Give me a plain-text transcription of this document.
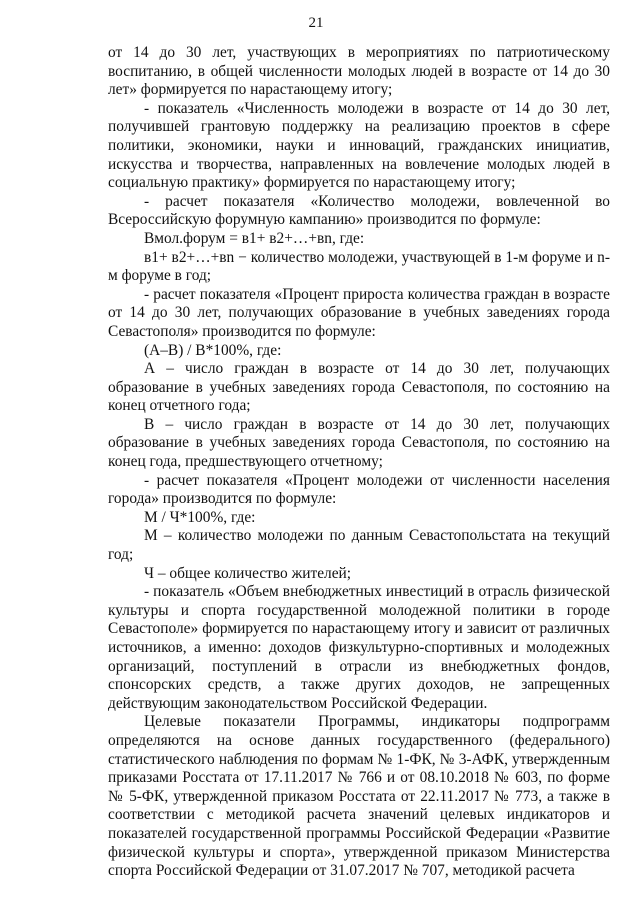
21

от 14 до 30 лет, участвующих в мероприятиях по патриотическому воспитанию, в общей численности молодых людей в возрасте от 14 до 30 лет» формируется по нарастающему итогу;

- показатель «Численность молодежи в возрасте от 14 до 30 лет, получившей грантовую поддержку на реализацию проектов в сфере политики, экономики, науки и инноваций, гражданских инициатив, искусства и творчества, направленных на вовлечение молодых людей в социальную практику» формируется по нарастающему итогу;

- расчет показателя «Количество молодежи, вовлеченной во Всероссийскую форумную кампанию» производится по формуле:

Вмол.форум = в1+ в2+…+вn, где:

в1+ в2+…+вn − количество молодежи, участвующей в 1-м форуме и n-м форуме в год;

- расчет показателя «Процент прироста количества граждан в возрасте от 14 до 30 лет, получающих образование в учебных заведениях города Севастополя» производится по формуле:

(А–В) / В*100%, где:

А – число граждан в возрасте от 14 до 30 лет, получающих образование в учебных заведениях города Севастополя, по состоянию на конец отчетного года;

В – число граждан в возрасте от 14 до 30 лет, получающих образование в учебных заведениях города Севастополя, по состоянию на конец года, предшествующего отчетному;

- расчет показателя «Процент молодежи от численности населения города» производится по формуле:

М / Ч*100%, где:

М – количество молодежи по данным Севастопольстата на текущий год;

Ч – общее количество жителей;

- показатель «Объем внебюджетных инвестиций в отрасль физической культуры и спорта государственной молодежной политики в городе Севастополе» формируется по нарастающему итогу и зависит от различных источников, а именно: доходов физкультурно-спортивных и молодежных организаций, поступлений в отрасли из внебюджетных фондов, спонсорских средств, а также других доходов, не запрещенных действующим законодательством Российской Федерации.

Целевые показатели Программы, индикаторы подпрограмм определяются на основе данных государственного (федерального) статистического наблюдения по формам № 1-ФК, № 3-АФК, утвержденным приказами Росстата от 17.11.2017 № 766 и от 08.10.2018 № 603, по форме № 5-ФК, утвержденной приказом Росстата от 22.11.2017 № 773, а также в соответствии с методикой расчета значений целевых индикаторов и показателей государственной программы Российской Федерации «Развитие физической культуры и спорта», утвержденной приказом Министерства спорта Российской Федерации от 31.07.2017 № 707, методикой расчета
